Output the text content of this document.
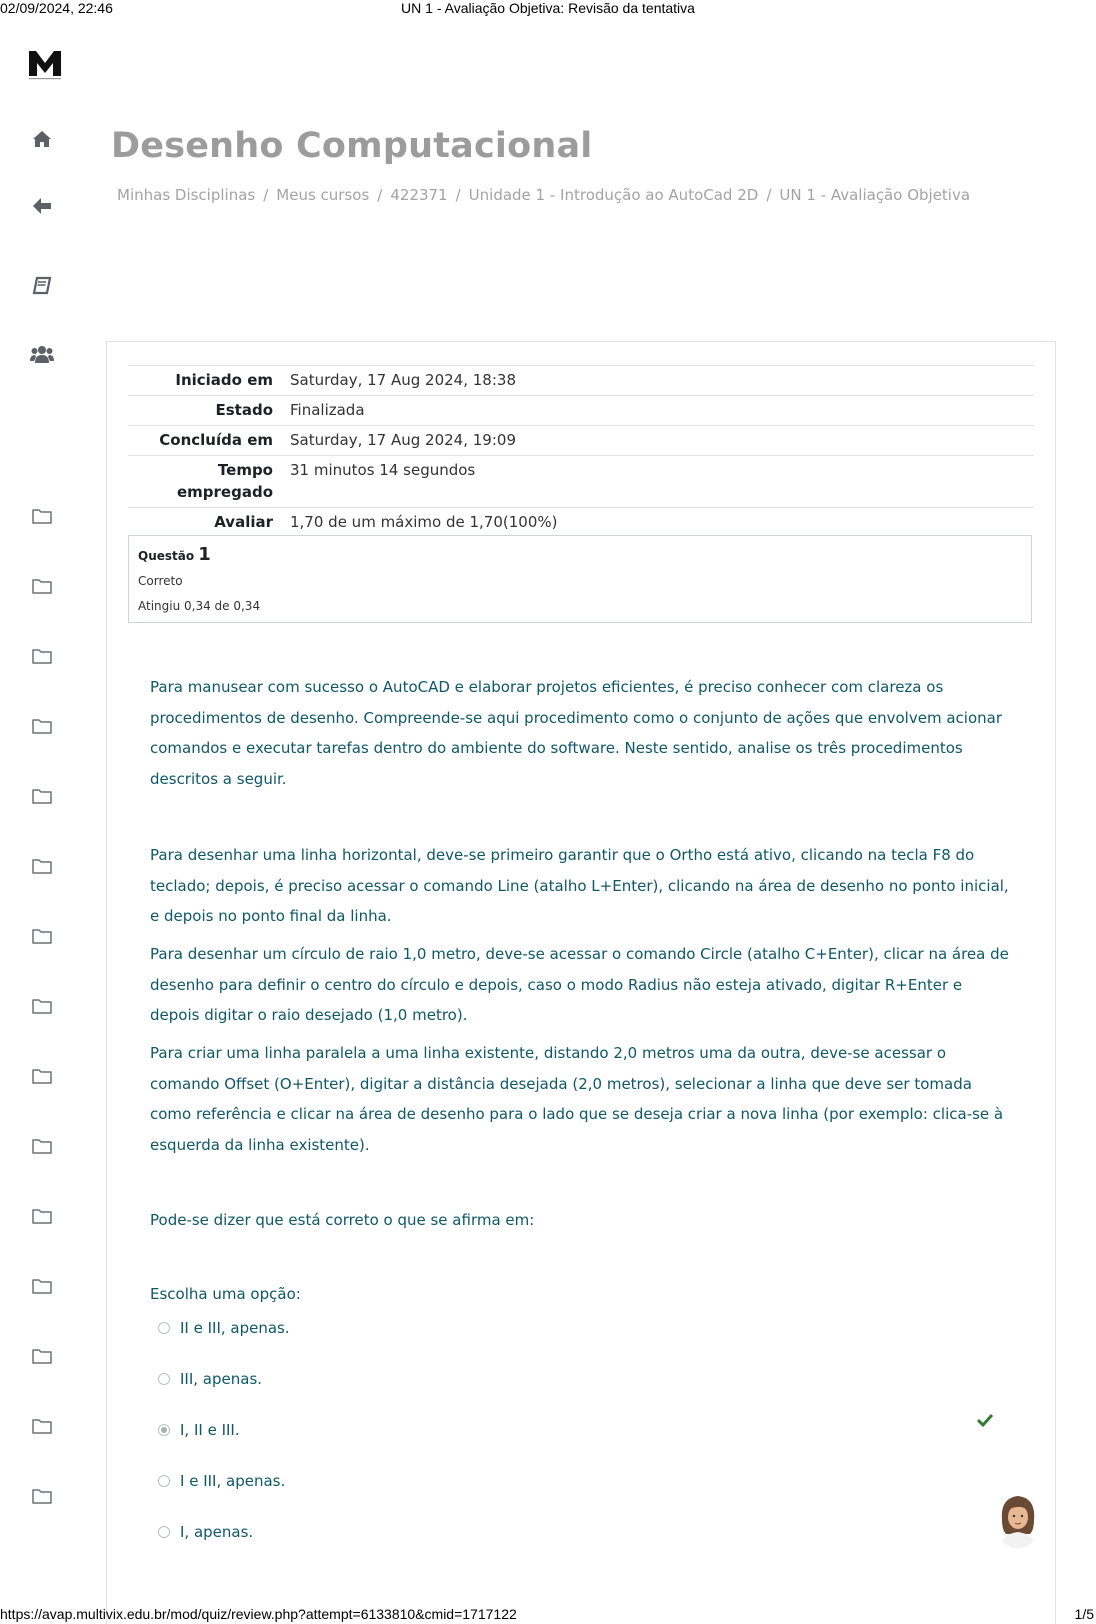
02/09/2024, 22:46	UN 1 - Avaliação Objetiva: Revisão da tentativa
Desenho Computacional
Minhas Disciplinas / Meus cursos / 422371 / Unidade 1 - Introdução ao AutoCad 2D / UN 1 - Avaliação Objetiva
Iniciado em	Saturday, 17 Aug 2024, 18:38
Estado	Finalizada
Concluída em	Saturday, 17 Aug 2024, 19:09
Tempo empregado	31 minutos 14 segundos
Avaliar	1,70 de um máximo de 1,70(100%)
Questão 1
Correto
Atingiu 0,34 de 0,34

Para manusear com sucesso o AutoCAD e elaborar projetos eficientes, é preciso conhecer com clareza os procedimentos de desenho. Compreende-se aqui procedimento como o conjunto de ações que envolvem acionar comandos e executar tarefas dentro do ambiente do software. Neste sentido, analise os três procedimentos descritos a seguir.

Para desenhar uma linha horizontal, deve-se primeiro garantir que o Ortho está ativo, clicando na tecla F8 do teclado; depois, é preciso acessar o comando Line (atalho L+Enter), clicando na área de desenho no ponto inicial, e depois no ponto final da linha.

Para desenhar um círculo de raio 1,0 metro, deve-se acessar o comando Circle (atalho C+Enter), clicar na área de desenho para definir o centro do círculo e depois, caso o modo Radius não esteja ativado, digitar R+Enter e depois digitar o raio desejado (1,0 metro).

Para criar uma linha paralela a uma linha existente, distando 2,0 metros uma da outra, deve-se acessar o comando Offset (O+Enter), digitar a distância desejada (2,0 metros), selecionar a linha que deve ser tomada como referência e clicar na área de desenho para o lado que se deseja criar a nova linha (por exemplo: clica-se à esquerda da linha existente).

Pode-se dizer que está correto o que se afirma em:

Escolha uma opção:
II e III, apenas.
III, apenas.
I, II e III.
I e III, apenas.
I, apenas.
https://avap.multivix.edu.br/mod/quiz/review.php?attempt=6133810&cmid=1717122	1/5
